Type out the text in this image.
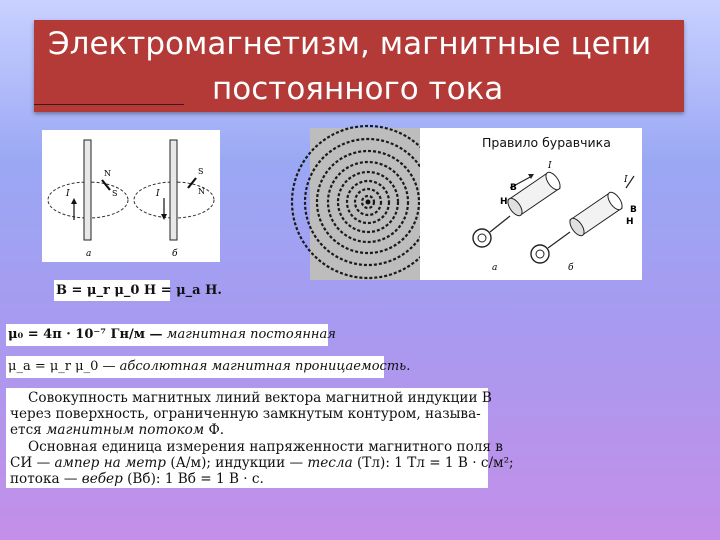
Электромагнетизм, магнитные цепи
постоянного тока
I
N
S
а
I
S
N
б
Правило буравчика
B
H
I
а
B
H
I
б
B = μ_r μ_0 H = μ_a H.
μ₀ = 4π · 10⁻⁷ Гн/м — магнитная постоянная
μ_a = μ_r μ_0 — абсолютная магнитная проницаемость.

Совокупность магнитных линий вектора магнитной индукции B

через поверхность, ограниченную замкнутым контуром, называ-

ется магнитным потоком Ф.

Основная единица измерения напряженности магнитного поля в

СИ — ампер на метр (А/м); индукции — тесла (Тл): 1 Тл = 1 В · с/м²;

потока — вебер (Вб): 1 Вб = 1 В · с.
